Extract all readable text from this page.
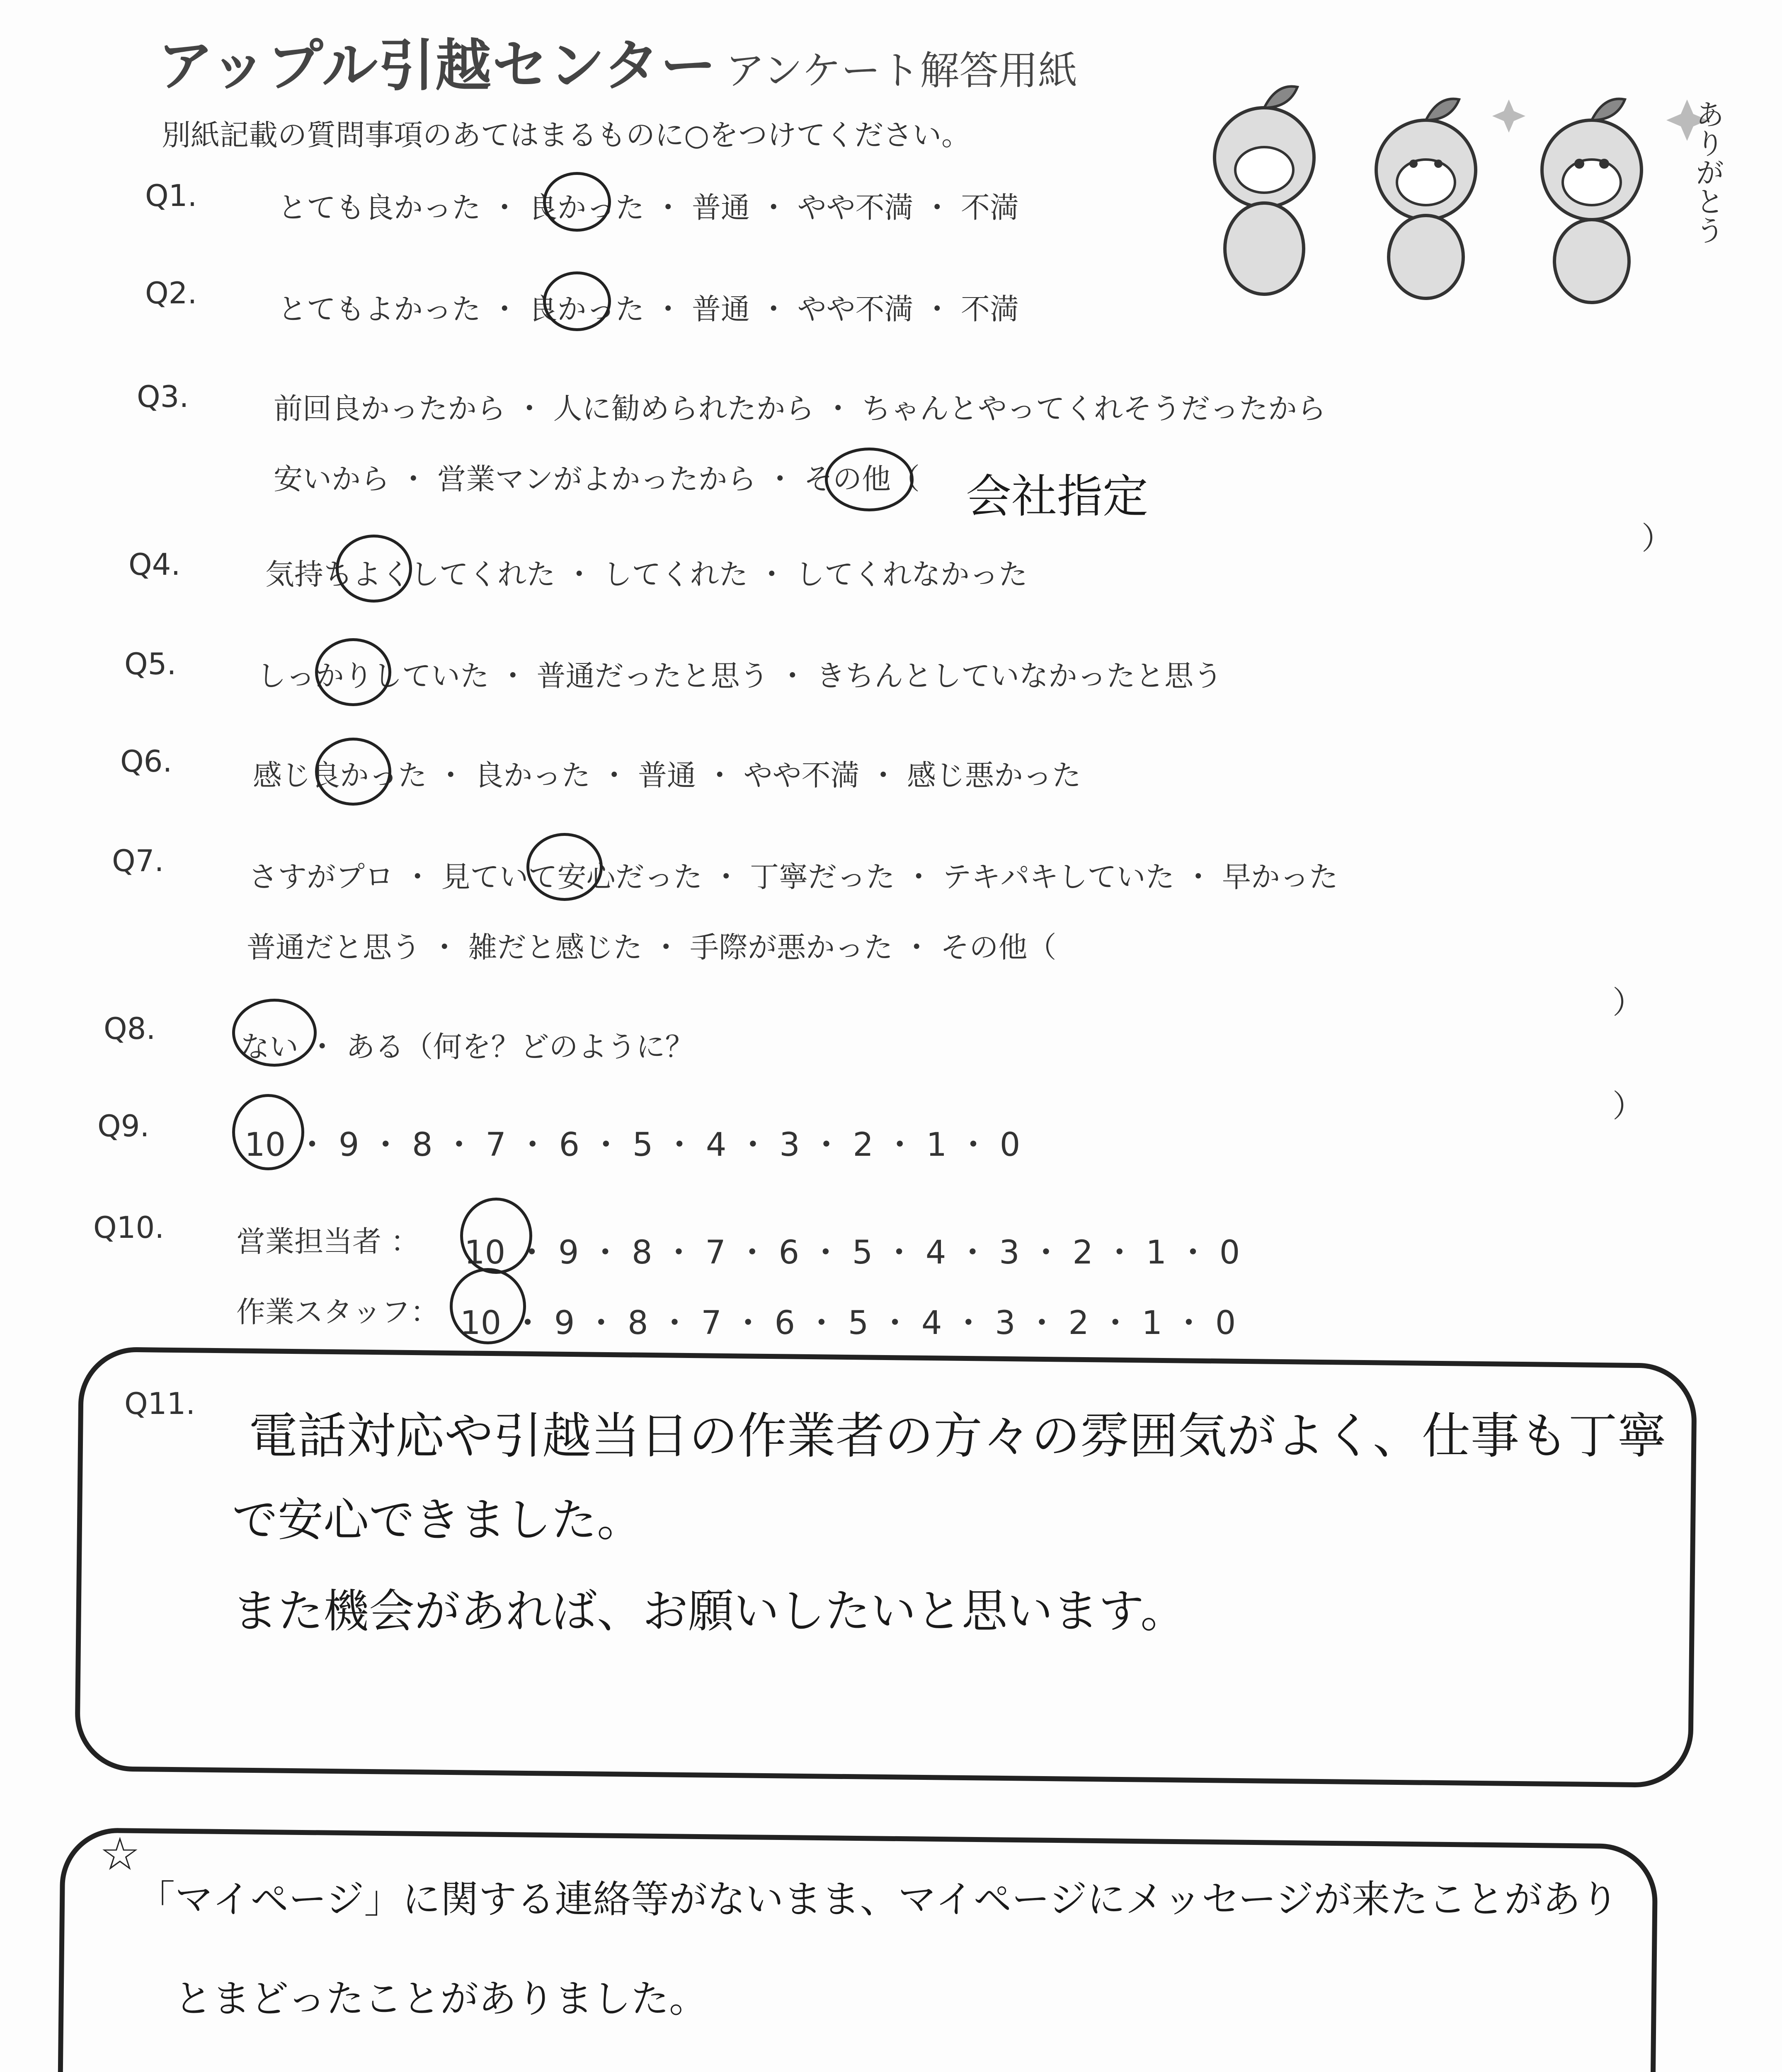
アップル引越センター アンケート解答用紙
別紙記載の質問事項のあてはまるものに○をつけてください。	ありがとう
Q1.	とても良かった ・ 良かった ・ 普通 ・ やや不満 ・ 不満
Q2.	とてもよかった ・ 良かった ・ 普通 ・ やや不満 ・ 不満
Q3.	前回良かったから ・ 人に勧められたから ・ ちゃんとやってくれそうだったから
安いから ・ 営業マンがよかったから ・ その他（ 会社指定
）
Q4.	気持ちよくしてくれた ・ してくれた ・ してくれなかった
Q5.	しっかりしていた ・ 普通だったと思う ・ きちんとしていなかったと思う
Q6.	感じ良かった ・ 良かった ・ 普通 ・ やや不満 ・ 感じ悪かった
Q7.	さすがプロ ・ 見ていて安心だった ・ 丁寧だった ・ テキパキしていた ・ 早かった
普通だと思う ・ 雑だと感じた ・ 手際が悪かった ・ その他（
）
Q8.
ない ・ ある（何を？どのように？
）
Q9.
10 ・ 9 ・ 8 ・ 7 ・ 6 ・ 5 ・ 4 ・ 3 ・ 2 ・ 1 ・ 0
Q10. 営業担当者 ： 10 ・ 9 ・ 8 ・ 7 ・ 6 ・ 5 ・ 4 ・ 3 ・ 2 ・ 1 ・ 0
作業スタッフ： 10 ・ 9 ・ 8 ・ 7 ・ 6 ・ 5 ・ 4 ・ 3 ・ 2 ・ 1 ・ 0
Q11.
電話対応や引越当日の作業者の方々の雰囲気がよく、仕事も丁寧
で安心できました。
また機会があれば、お願いしたいと思います。
☆
「マイページ」に関する連絡等がないまま、マイページにメッセージが来たことがあり
とまどったことがありました。
